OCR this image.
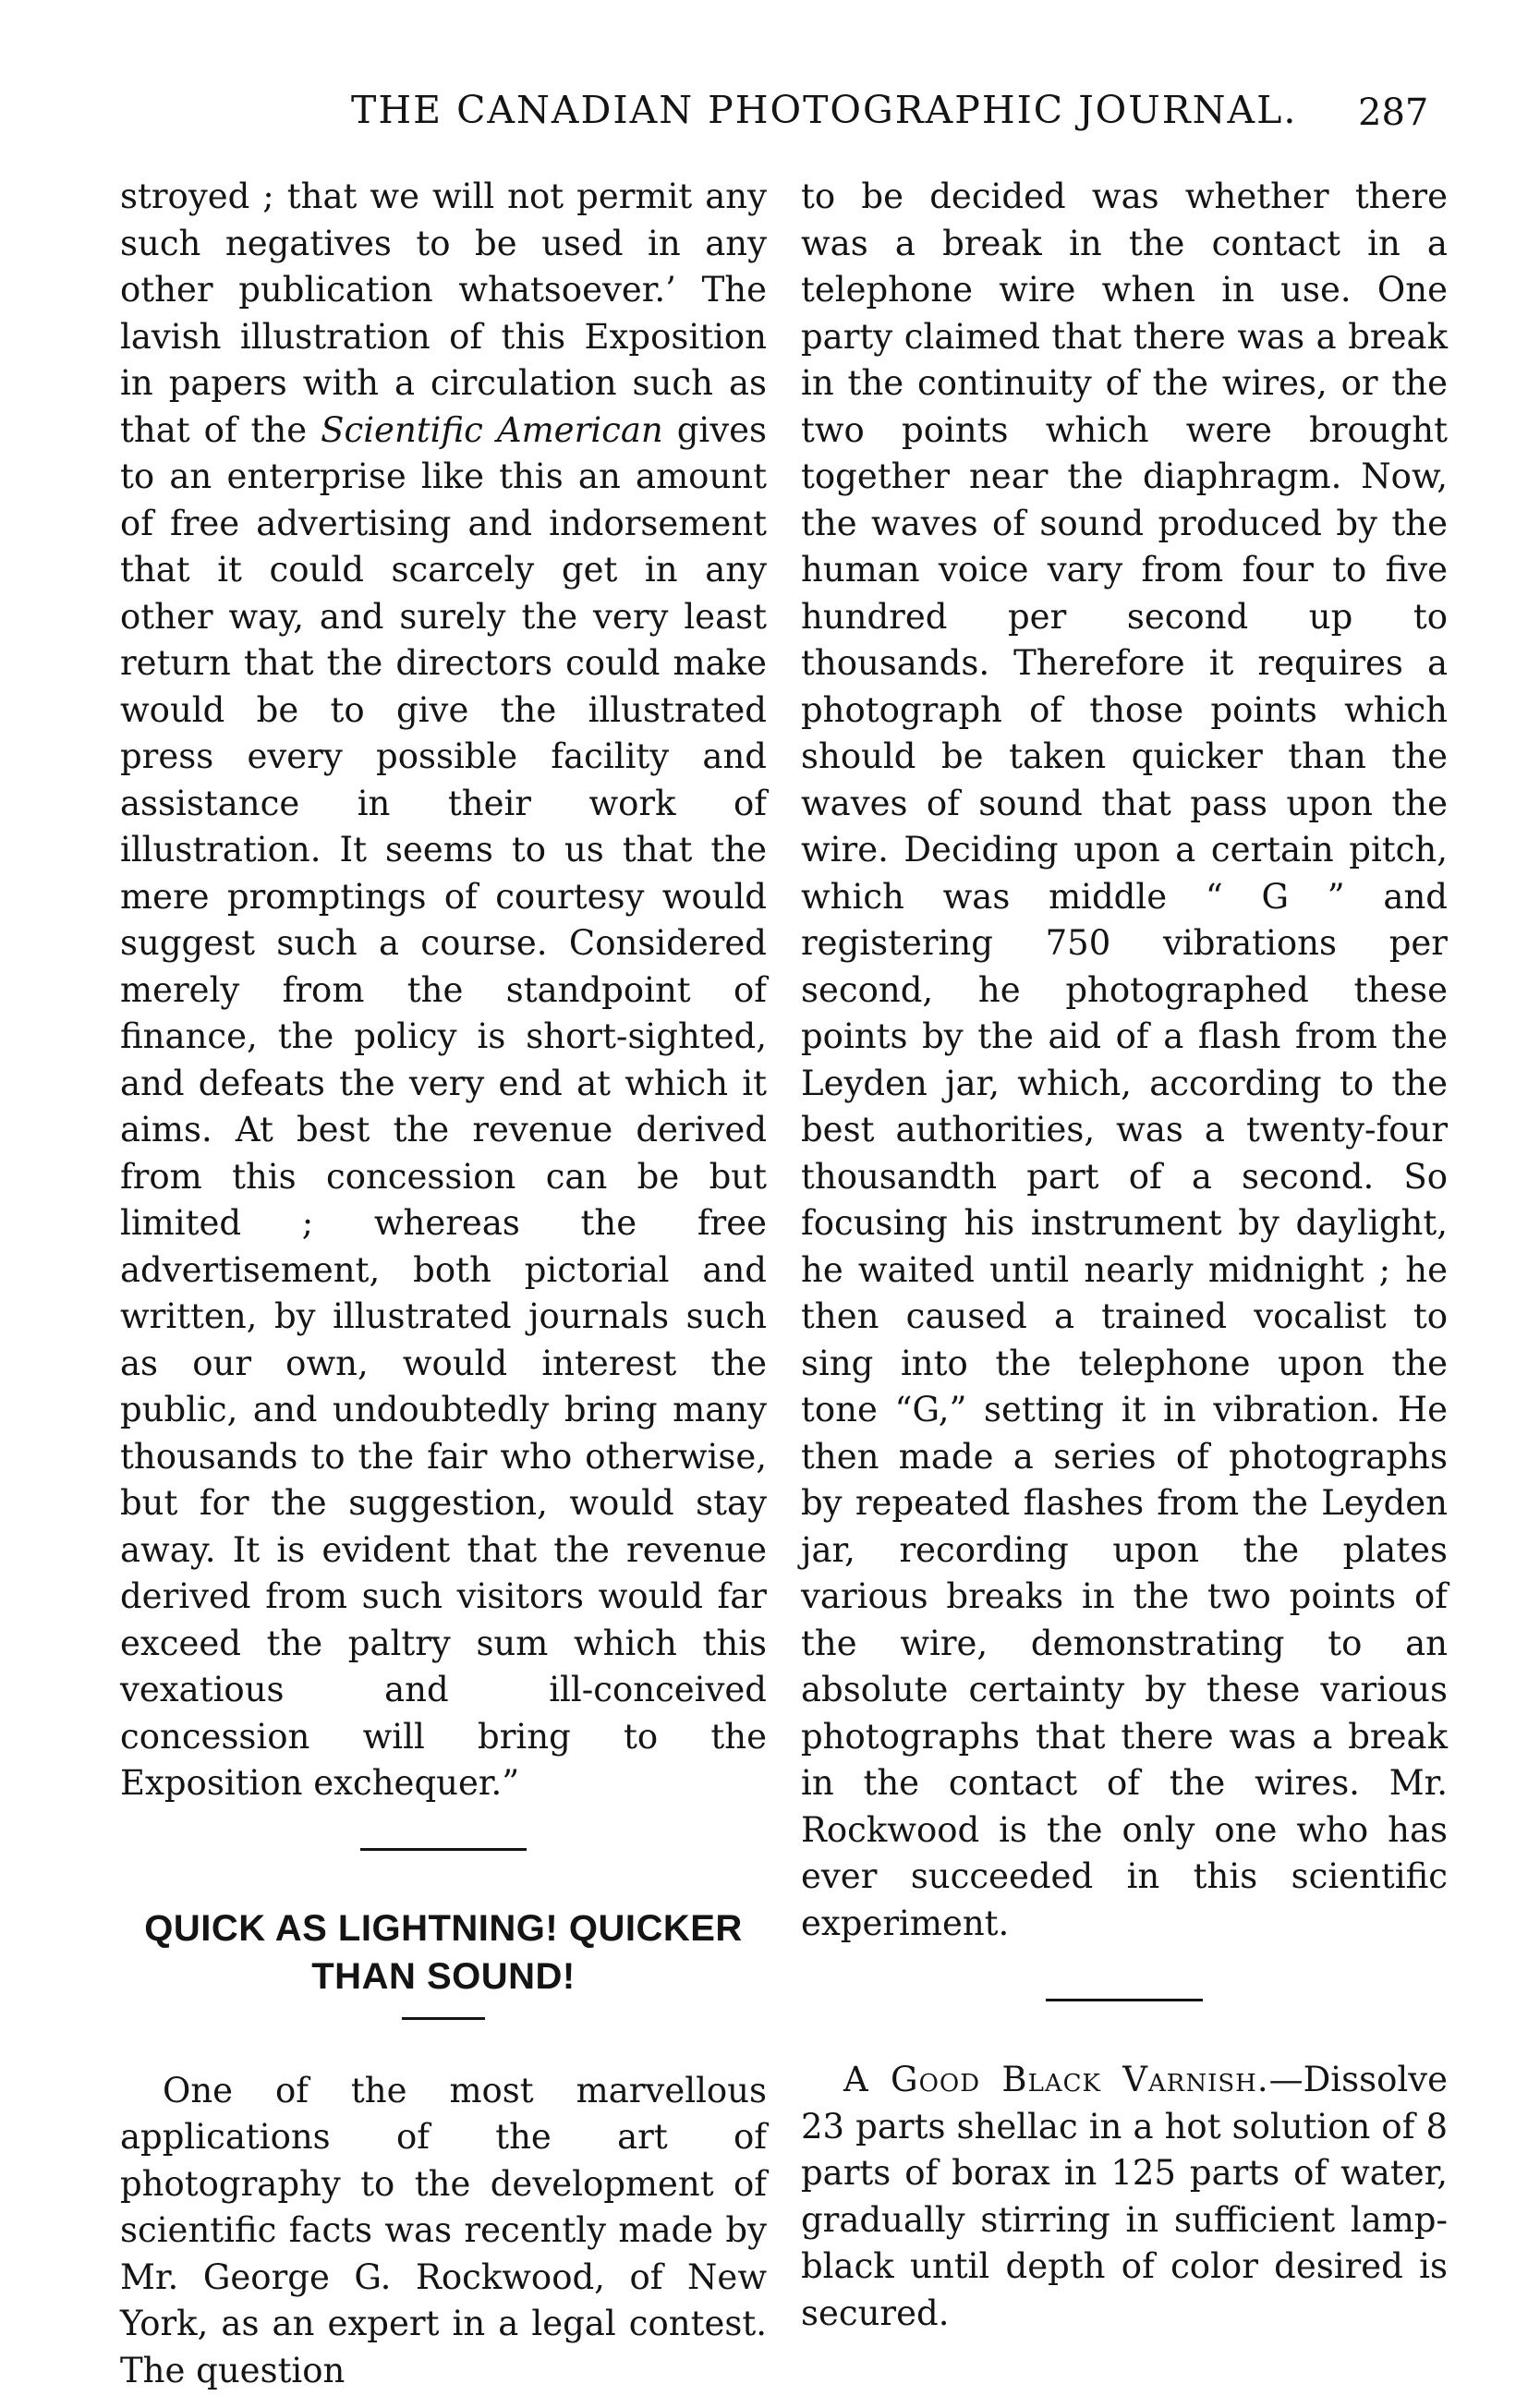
THE CANADIAN PHOTOGRAPHIC JOURNAL. 287

stroyed ; that we will not permit any such negatives to be used in any other publication whatsoever.’ The lavish illustration of this Exposition in papers with a circulation such as that of the Scientific American gives to an enterprise like this an amount of free advertising and indorsement that it could scarcely get in any other way, and surely the very least return that the directors could make would be to give the illustrated press every possible facility and assistance in their work of illustration. It seems to us that the mere promptings of courtesy would suggest such a course. Considered merely from the standpoint of finance, the policy is short-sighted, and defeats the very end at which it aims. At best the revenue derived from this concession can be but limited ; whereas the free advertisement, both pictorial and written, by illustrated journals such as our own, would interest the public, and undoubtedly bring many thousands to the fair who otherwise, but for the suggestion, would stay away. It is evident that the revenue derived from such visitors would far exceed the paltry sum which this vexatious and ill-conceived concession will bring to the Exposition exchequer.”

QUICK AS LIGHTNING! QUICKER

THAN SOUND!

One of the most marvellous applications of the art of photography to the development of scientific facts was recently made by Mr. George G. Rockwood, of New York, as an expert in a legal contest. The question

to be decided was whether there was a break in the contact in a telephone wire when in use. One party claimed that there was a break in the continuity of the wires, or the two points which were brought together near the diaphragm. Now, the waves of sound produced by the human voice vary from four to five hundred per second up to thousands. Therefore it requires a photograph of those points which should be taken quicker than the waves of sound that pass upon the wire. Deciding upon a certain pitch, which was middle “ G ” and registering 750 vibrations per second, he photographed these points by the aid of a flash from the Leyden jar, which, according to the best authorities, was a twenty-four thousandth part of a second. So focusing his instrument by daylight, he waited until nearly midnight ; he then caused a trained vocalist to sing into the telephone upon the tone “G,” setting it in vibration. He then made a series of photographs by repeated flashes from the Leyden jar, recording upon the plates various breaks in the two points of the wire, demonstrating to an absolute certainty by these various photographs that there was a break in the contact of the wires. Mr. Rockwood is the only one who has ever succeeded in this scientific experiment.

A Good Black Varnish.—Dissolve 23 parts shellac in a hot solution of 8 parts of borax in 125 parts of water, gradually stirring in sufficient lamp-black until depth of color desired is secured.
